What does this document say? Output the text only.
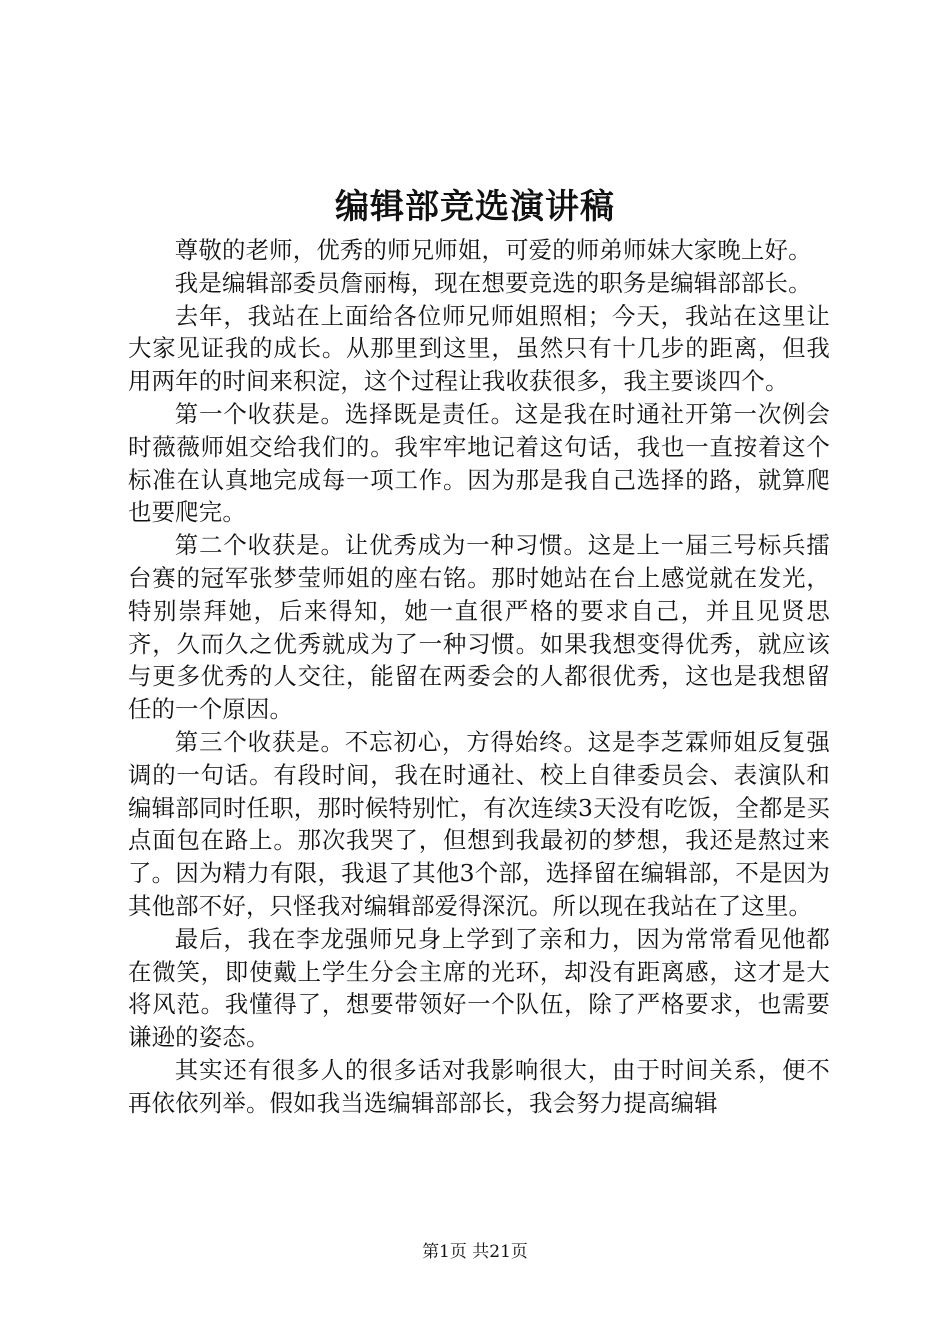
编辑部竞选演讲稿

尊敬的老师，优秀的师兄师姐，可爱的师弟师妹大家晚上好。

我是编辑部委员詹丽梅，现在想要竞选的职务是编辑部部长。

去年，我站在上面给各位师兄师姐照相；今天，我站在这里让大家见证我的成长。从那里到这里，虽然只有十几步的距离，但我用两年的时间来积淀，这个过程让我收获很多，我主要谈四个。

第一个收获是。选择既是责任。这是我在时通社开第一次例会时薇薇师姐交给我们的。我牢牢地记着这句话，我也一直按着这个标准在认真地完成每一项工作。因为那是我自己选择的路，就算爬也要爬完。

第二个收获是。让优秀成为一种习惯。这是上一届三号标兵擂台赛的冠军张梦莹师姐的座右铭。那时她站在台上感觉就在发光，特别崇拜她，后来得知，她一直很严格的要求自己，并且见贤思齐，久而久之优秀就成为了一种习惯。如果我想变得优秀，就应该与更多优秀的人交往，能留在两委会的人都很优秀，这也是我想留任的一个原因。

第三个收获是。不忘初心，方得始终。这是李芝霖师姐反复强调的一句话。有段时间，我在时通社、校上自律委员会、表演队和编辑部同时任职，那时候特别忙，有次连续3天没有吃饭，全都是买点面包在路上。那次我哭了，但想到我最初的梦想，我还是熬过来了。因为精力有限，我退了其他3个部，选择留在编辑部，不是因为其他部不好，只怪我对编辑部爱得深沉。所以现在我站在了这里。

最后，我在李龙强师兄身上学到了亲和力，因为常常看见他都在微笑，即使戴上学生分会主席的光环，却没有距离感，这才是大将风范。我懂得了，想要带领好一个队伍，除了严格要求，也需要谦逊的姿态。

其实还有很多人的很多话对我影响很大，由于时间关系，便不再依依列举。假如我当选编辑部部长，我会努力提高编辑

第1页 共21页
